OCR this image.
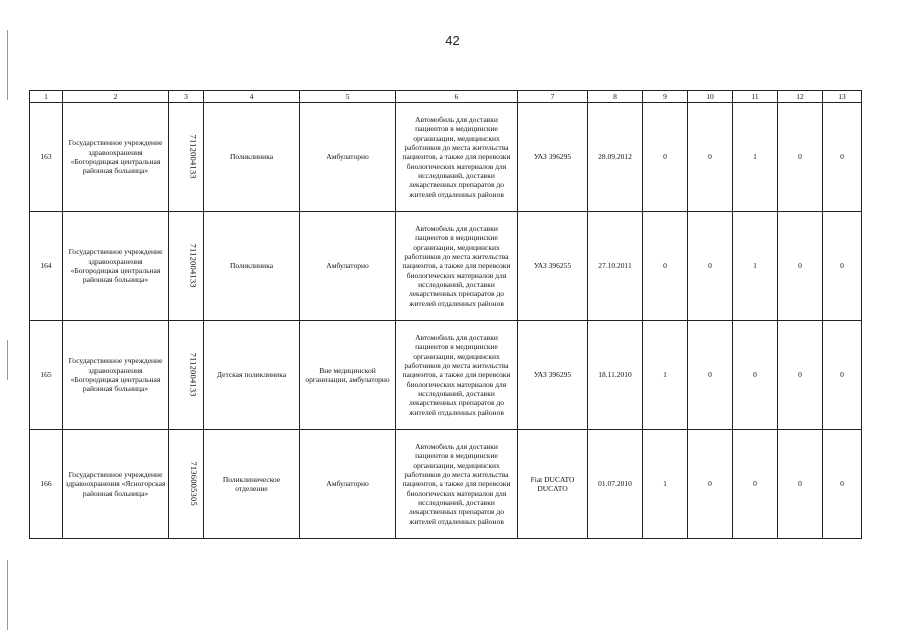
42
1	2	3	4	5	6	7	8	9	10	11	12	13
163	Государственное учреждение здравоохранения «Богородицкая центральная районная больница»	7112004133	Поликлиника	Амбулаторно	Автомобиль для доставки пациентов в медицинские организации, медицинских работников до места жительства пациентов, а также для перевозки биологических материалов для исследований, доставки лекарственных препаратов до жителей отдаленных районов	УАЗ 396295	28.09.2012	0	0	1	0	0
164	Государственное учреждение здравоохранения «Богородицкая центральная районная больница»	7112004133	Поликлиника	Амбулаторно	Автомобиль для доставки пациентов в медицинские организации, медицинских работников до места жительства пациентов, а также для перевозки биологических материалов для исследований, доставки лекарственных препаратов до жителей отдаленных районов	УАЗ 396255	27.10.2011	0	0	1	0	0
165	Государственное учреждение здравоохранения «Богородицкая центральная районная больница»	7112004133	Детская поликлиника	Вне медицинской организации, амбулаторно	Автомобиль для доставки пациентов в медицинские организации, медицинских работников до места жительства пациентов, а также для перевозки биологических материалов для исследований, доставки лекарственных препаратов до жителей отдаленных районов	УАЗ 396295	18.11.2010	1	0	0	0	0
166	Государственное учреждение здравоохранения «Ясногорская районная больница»	7136005305	Поликлиническое отделение	Амбулаторно	Автомобиль для доставки пациентов в медицинские организации, медицинских работников до места жительства пациентов, а также для перевозки биологических материалов для исследований, доставки лекарственных препаратов до жителей отдаленных районов	Fiat DUCATO DUCATO	01.07.2010	1	0	0	0	0
